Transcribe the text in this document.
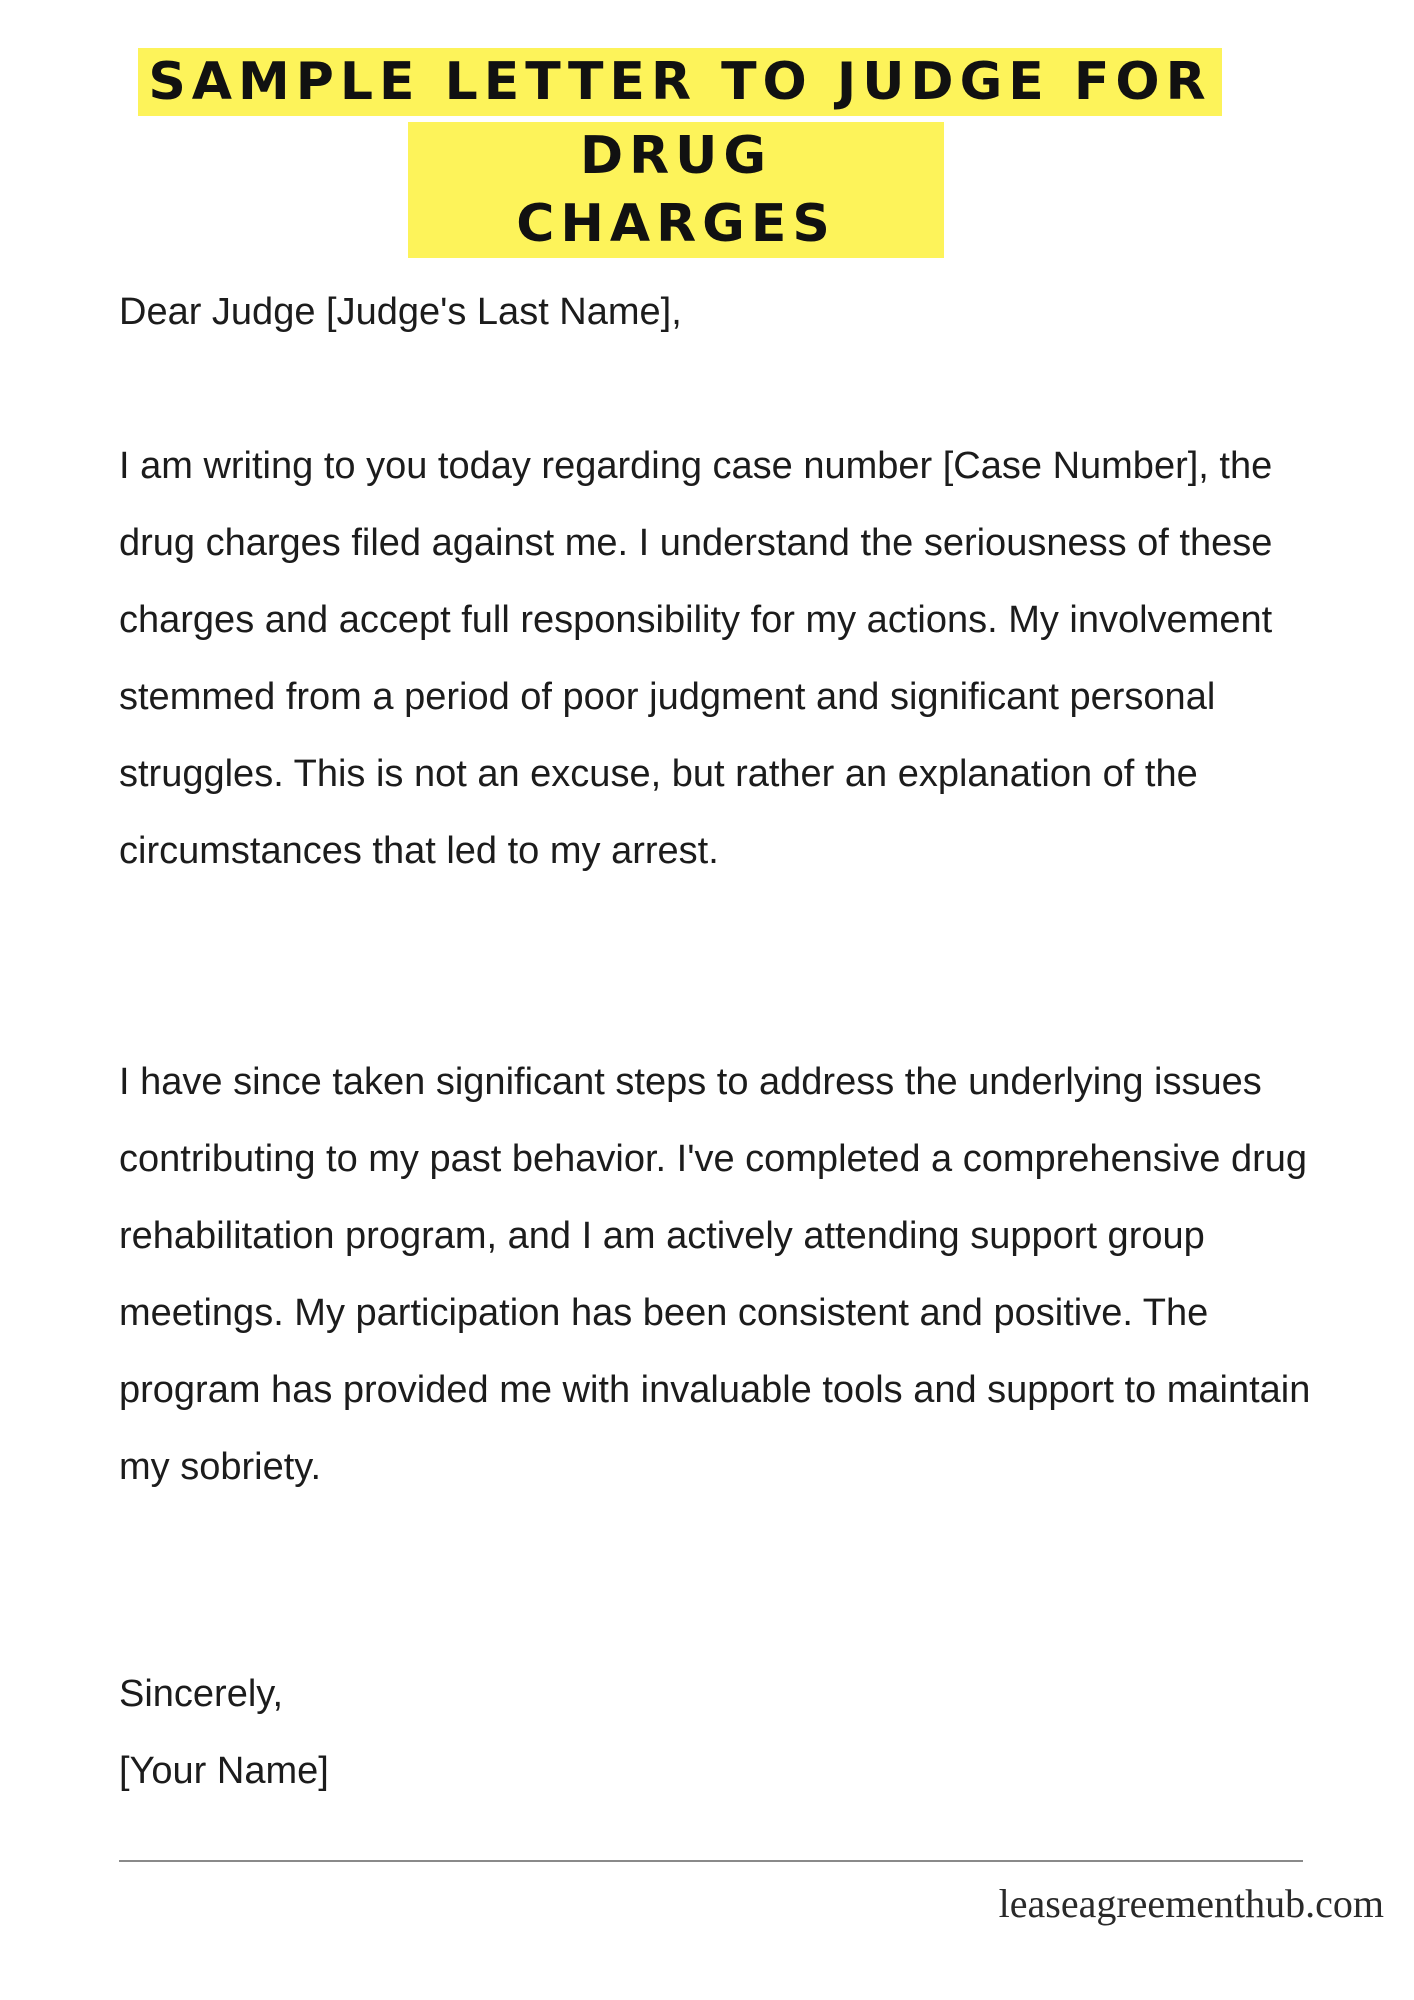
SAMPLE LETTER TO JUDGE FOR
DRUG CHARGES

Dear Judge [Judge's Last Name],

I am writing to you today regarding case number [Case Number], the drug charges filed against me. I understand the seriousness of these charges and accept full responsibility for my actions. My involvement stemmed from a period of poor judgment and significant personal struggles. This is not an excuse, but rather an explanation of the circumstances that led to my arrest.

I have since taken significant steps to address the underlying issues contributing to my past behavior. I've completed a comprehensive drug rehabilitation program, and I am actively attending support group meetings. My participation has been consistent and positive. The program has provided me with invaluable tools and support to maintain my sobriety.

Sincerely,

[Your Name]

leaseagreementhub.com
